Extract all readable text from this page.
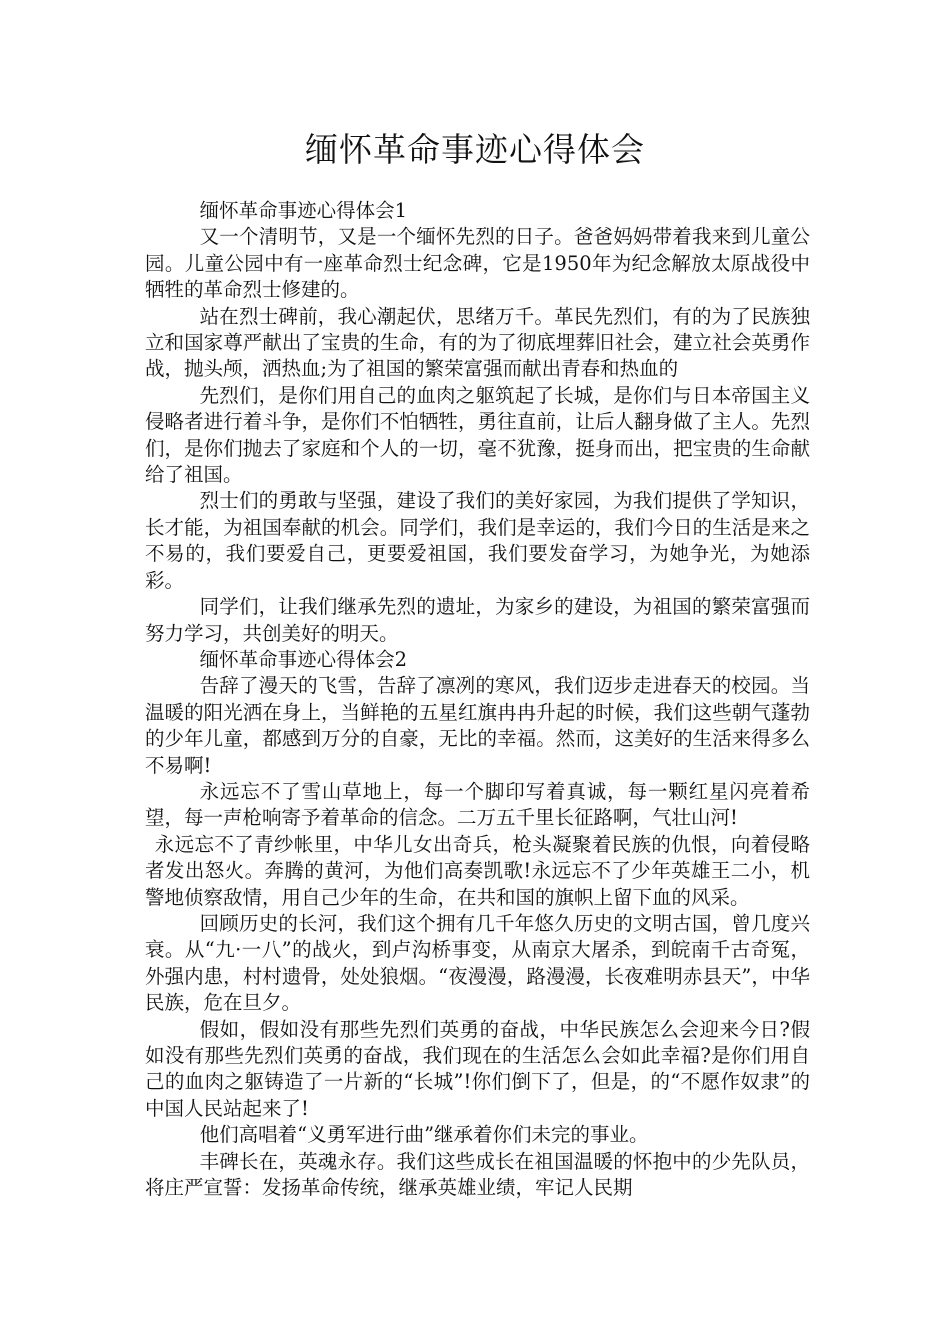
缅怀革命事迹心得体会

缅怀革命事迹心得体会1

又一个清明节，又是一个缅怀先烈的日子。爸爸妈妈带着我来到儿童公园。儿童公园中有一座革命烈士纪念碑，它是1950年为纪念解放太原战役中牺牲的革命烈士修建的。

站在烈士碑前，我心潮起伏，思绪万千。革民先烈们，有的为了民族独立和国家尊严献出了宝贵的生命，有的为了彻底埋葬旧社会，建立社会英勇作战，抛头颅，洒热血;为了祖国的繁荣富强而献出青春和热血的

先烈们，是你们用自己的血肉之躯筑起了长城，是你们与日本帝国主义侵略者进行着斗争，是你们不怕牺牲，勇往直前，让后人翻身做了主人。先烈们，是你们抛去了家庭和个人的一切，毫不犹豫，挺身而出，把宝贵的生命献给了祖国。

烈士们的勇敢与坚强，建设了我们的美好家园，为我们提供了学知识，长才能，为祖国奉献的机会。同学们，我们是幸运的，我们今日的生活是来之不易的，我们要爱自己，更要爱祖国，我们要发奋学习，为她争光，为她添彩。

同学们，让我们继承先烈的遗址，为家乡的建设，为祖国的繁荣富强而努力学习，共创美好的明天。

缅怀革命事迹心得体会2

告辞了漫天的飞雪，告辞了凛冽的寒风，我们迈步走进春天的校园。当温暖的阳光洒在身上，当鲜艳的五星红旗冉冉升起的时候，我们这些朝气蓬勃的少年儿童，都感到万分的自豪，无比的幸福。然而，这美好的生活来得多么不易啊!

永远忘不了雪山草地上，每一个脚印写着真诚，每一颗红星闪亮着希望，每一声枪响寄予着革命的信念。二万五千里长征路啊，气壮山河!

永远忘不了青纱帐里，中华儿女出奇兵，枪头凝聚着民族的仇恨，向着侵略者发出怒火。奔腾的黄河，为他们高奏凯歌!永远忘不了少年英雄王二小，机警地侦察敌情，用自己少年的生命，在共和国的旗帜上留下血的风采。

回顾历史的长河，我们这个拥有几千年悠久历史的文明古国，曾几度兴衰。从“九·一八”的战火，到卢沟桥事变，从南京大屠杀，到皖南千古奇冤，外强内患，村村遗骨，处处狼烟。“夜漫漫，路漫漫，长夜难明赤县天”，中华民族，危在旦夕。

假如，假如没有那些先烈们英勇的奋战，中华民族怎么会迎来今日?假如没有那些先烈们英勇的奋战，我们现在的生活怎么会如此幸福?是你们用自己的血肉之躯铸造了一片新的“长城”!你们倒下了，但是，的“不愿作奴隶”的中国人民站起来了!

他们高唱着“义勇军进行曲”继承着你们未完的事业。

丰碑长在，英魂永存。我们这些成长在祖国温暖的怀抱中的少先队员，将庄严宣誓：发扬革命传统，继承英雄业绩，牢记人民期
